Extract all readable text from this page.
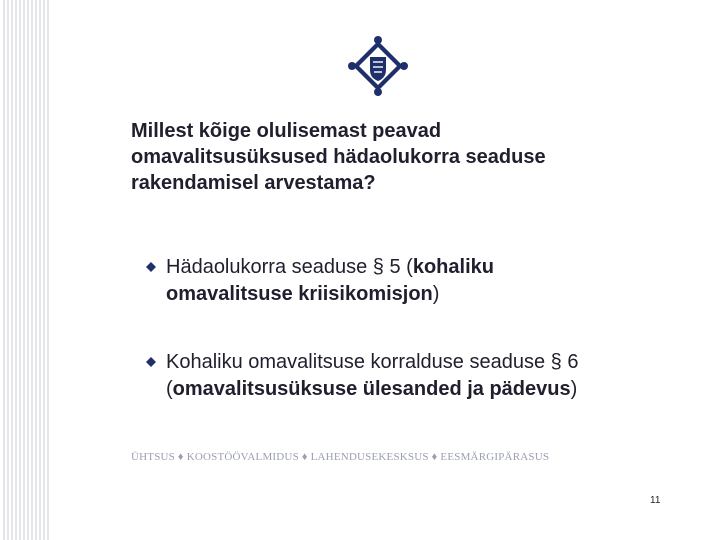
Millest kõige olulisemast peavad
omavalitsusüksused hädaolukorra seaduse
rakendamisel arvestama?
Hädaolukorra seaduse § 5 (kohaliku
omavalitsuse kriisikomisjon)
Kohaliku omavalitsuse korralduse seaduse § 6
(omavalitsusüksuse ülesanded ja pädevus)
ÜHTSUS ♦ KOOSTÖÖVALMIDUS ♦ LAHENDUSEKESKSUS ♦ EESMÄRGIPÄRASUS
11
